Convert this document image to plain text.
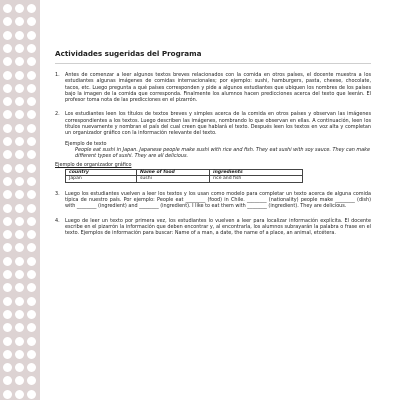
Actividades sugeridas del Programa
1.	Antes de comenzar a leer algunos textos breves relacionados con la comida en otros países, el docente muestra a los estudiantes algunas imágenes de comidas internacionales; por ejemplo: sushi, hamburgers, pasta, cheese, chocolate, tacos, etc. Luego pregunta a qué países corresponden y pide a algunos estudiantes que ubiquen los nombres de los países bajo la imagen de la comida que corresponda. Finalmente los alumnos hacen predicciones acerca del texto que leerán. El profesor toma nota de las predicciones en el pizarrón.
2.	Los estudiantes leen los títulos de textos breves y simples acerca de la comida en otros países y observan las imágenes correspondientes a los textos. Luego describen las imágenes, nombrando lo que observan en ellas. A continuación, leen los títulos nuevamente y nombran el país del cual creen que hablará el texto. Después leen los textos en voz alta y completan un organizador gráfico con la información relevante del texto.
Ejemplo de texto
People eat sushi in Japan. Japanese people make sushi with rice and fish. They eat sushi with soy sauce. They can make different types of sushi. They are all delicious.
Ejemplo de organizador gráfico
country	Name of food	ingredients
Japan	sushi	rice and fish
3.	Luego los estudiantes vuelven a leer los textos y los usan como modelo para completar un texto acerca de alguna comida típica de nuestro país. Por ejemplo: People eat ________ (food) in Chile. ________ (nationality) people make ________ (dish) with ________ (ingredient) and ________ (ingredient). I like to eat them with ________ (ingredient). They are delicious.
4.	Luego de leer un texto por primera vez, los estudiantes lo vuelven a leer para localizar información explícita. El docente escribe en el pizarrón la información que deben encontrar y, al encontrarla, los alumnos subrayarán la palabra o frase en el texto. Ejemplos de información para buscar: Name of a man, a date, the name of a place, an animal, etcétera.
